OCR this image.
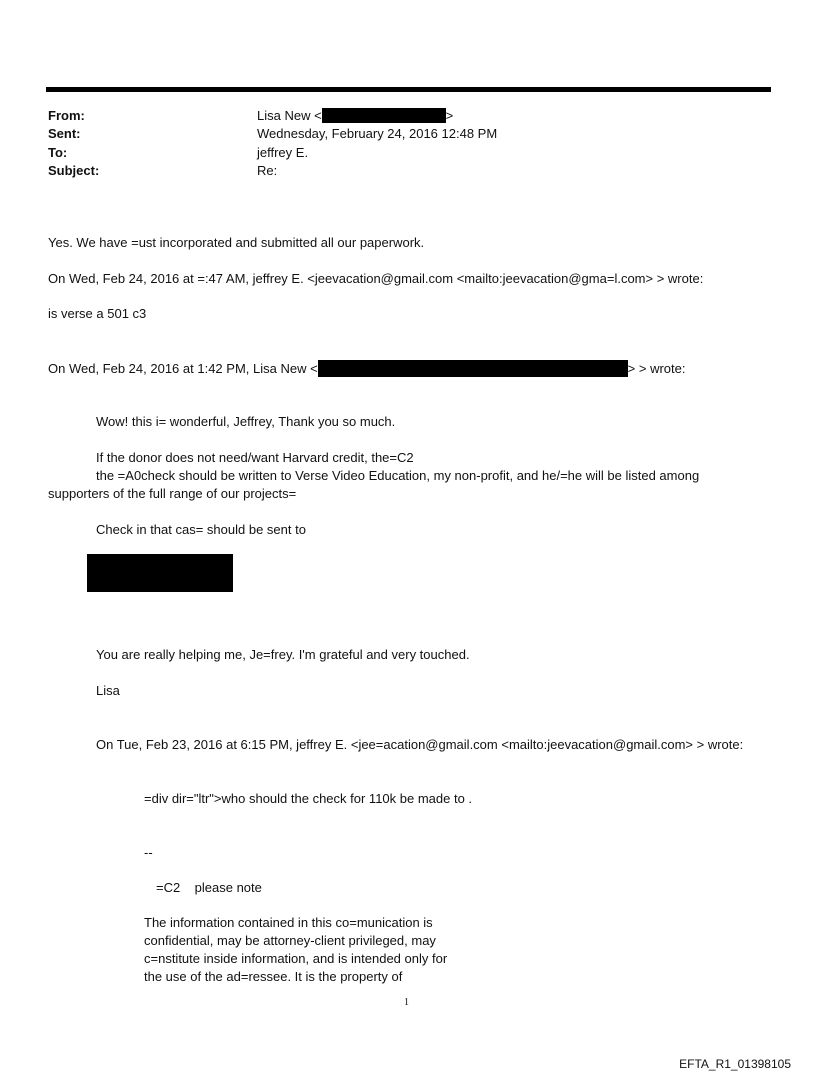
From:	Lisa New <	>
Sent:	Wednesday, February 24, 2016 12:48 PM
To:	jeffrey E.
Subject:	Re:
Yes. We have =ust incorporated and submitted all our paperwork.
On Wed, Feb 24, 2016 at =:47 AM, jeffrey E. <jeevacation@gmail.com <mailto:jeevacation@gma=l.com> > wrote:
is verse a 501 c3
On Wed, Feb 24, 2016 at 1:42 PM, Lisa New <	> > wrote:
Wow! this i= wonderful, Jeffrey, Thank you so much.
If the donor does not need/want Harvard credit, the=C2
the =A0check should be written to Verse Video Education, my non-profit, and he/=he will be listed among
supporters of the full range of our projects=
Check in that cas= should be sent to
You are really helping me, Je=frey. I'm grateful and very touched.
Lisa
On Tue, Feb 23, 2016 at 6:15 PM, jeffrey E. <jee=acation@gmail.com <mailto:jeevacation@gmail.com> > wrote:
=div dir="ltr">who should the check for 110k be made to .
--
=C2    please note
The information contained in this co=munication is
confidential, may be attorney-client privileged, may
c=nstitute inside information, and is intended only for
the use of the ad=ressee. It is the property of
1
EFTA_R1_01398105
